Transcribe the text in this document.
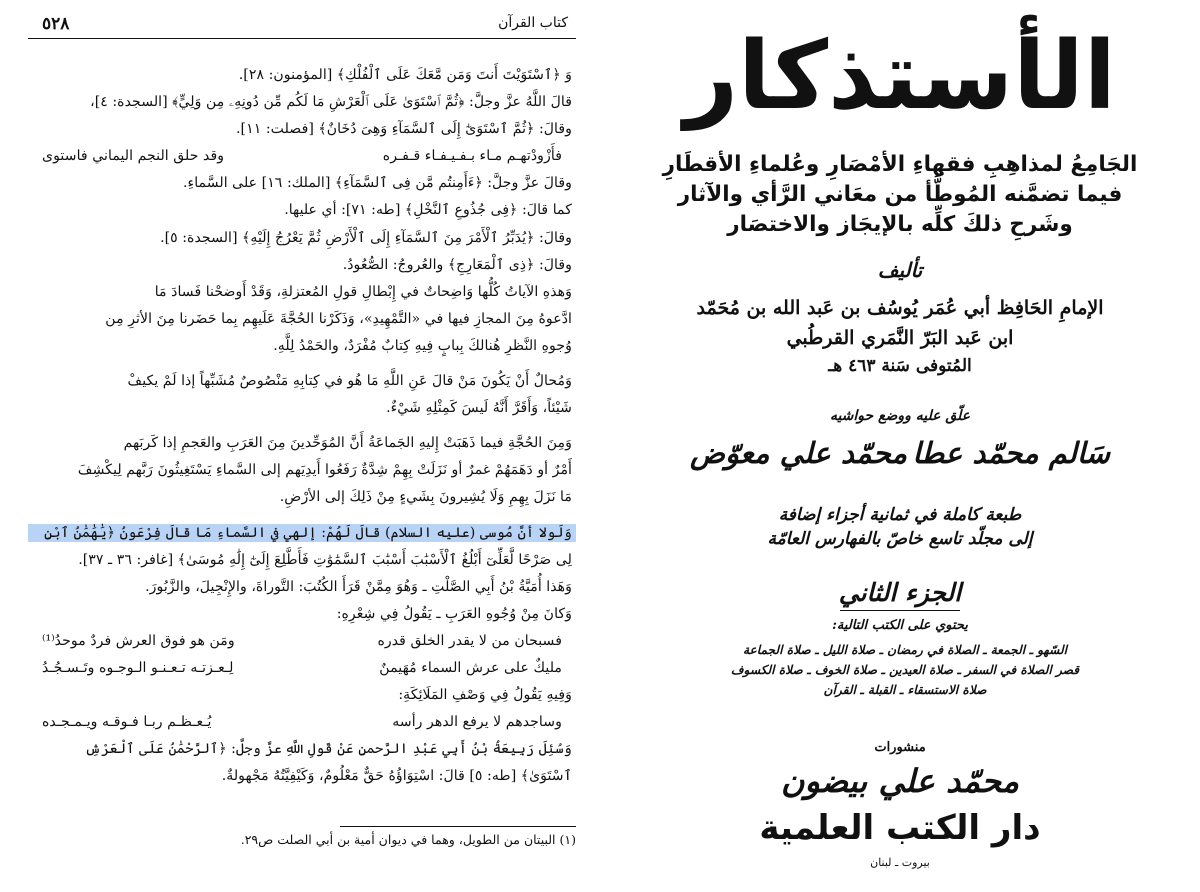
٥٢٨	كتاب القرآن

وَ ﴿ٱسْتَوَيْتَ أَنتَ وَمَن مَّعَكَ عَلَى ٱلْفُلْكِ﴾ [المؤمنون: ٢٨].

قالَ اللَّهُ عزَّ وجلَّ: ﴿ثُمَّ ٱسْتَوَىٰ عَلَى ٱلْعَرْشِ مَا لَكُم مِّن دُونِهِۦ مِن وَلِيٍّ﴾ [السجدة: ٤]،

وقالَ: ﴿ثُمَّ ٱسْتَوَىٰٓ إِلَى ٱلسَّمَآءِ وَهِىَ دُخَانٌ﴾ [فصلت: ١١].

فأَزْودْتهـم مـاء بـفـيـفـاء قـفـره
وقد حلق النجم اليماني فاستوى

وقالَ عزَّ وجلَّ: ﴿ءَأَمِنتُم مَّن فِى ٱلسَّمَآءِ﴾ [الملك: ١٦] على السَّماءِ.

كما قالَ: ﴿فِى جُذُوعِ ٱلنَّخْلِ﴾ [طه: ٧١]: أي عليها.

وقالَ: ﴿يُدَبِّرُ ٱلْأَمْرَ مِنَ ٱلسَّمَآءِ إِلَى ٱلْأَرْضِ ثُمَّ يَعْرُجُ إِلَيْهِ﴾ [السجدة: ٥].

وقالَ: ﴿ذِى ٱلْمَعَارِجِ﴾ والعُروجُ: الصُّعُودُ.

وَهذهِ الآياتُ كُلُّها وَاضِحاتٌ في إِبْطالِ قولِ المُعتزلةِ، وَقَدْ أَوضحْنا فَسادَ مَا

ادَّعوهُ مِنَ المجازِ فيها في «التَّمْهِيدِ»، وَذَكَرْنا الحُجَّةَ عَلَيهِم بِما حَضَرنا مِنَ الأثرِ مِن

وُجوهِ النَّظرِ هُنالكَ بِبابٍ فِيهِ كِتابٌ مُفْرَدٌ، والحَمْدُ لِلَّهِ.

وَمُحالٌ أَنْ يَكُونَ مَنْ قالَ عَنِ اللَّهِ مَا هُو في كِتابِهِ مَنْصُوصٌ مُشَبِّهاً إذا لَمْ يكيفْ

شَيْئاً، وَأَقَرَّ أَنَّهُ لَيسَ كَمِثْلِهِ شَيْءٌ.

وَمِنَ الحُجَّةِ فيما ذَهَبَتْ إِليهِ الجَماعَةُ أَنَّ المُوَحِّدينَ مِنَ العَرَبِ والعَجمِ إذا كَربَهم

أَمْرٌ أو دَهَمَهُمْ غمرٌ أو نَزَلَتْ بِهِمْ شِدَّةٌ رَفَعُوا أَيدِيَهم إلى السَّماءِ يَسْتَغِيثُونَ رَبَّهم لِيكْشِفَ

مَا نَزَلَ بِهِمِ وَلَا يُشِيرونَ بِشَيءٍ مِنْ ذَلِكَ إلى الأرْضِ.

وَلَولا أنَّ مُوسى (عليه السلام) قالَ لَهُمْ: إلهي في السَّماءِ مَا قالَ فِرْعَونُ ﴿يَٰهَٰمَٰنُ ٱبْنِ

لِى صَرْحًا لَّعَلِّىٓ أَبْلُغُ ٱلْأَسْبَٰبَ أَسْبَٰبَ ٱلسَّمَٰوَٰتِ فَأَطَّلِعَ إِلَىٰٓ إِلَٰهِ مُوسَىٰ﴾ [غافر: ٣٦ ـ ٣٧].

وَهَذا أُمَيَّةُ بْنُ أَبِي الصَّلْتِ ـ وَهُوَ مِمَّنْ قَرَأَ الكُتُبَ: التَّوراةَ، والإِنْجِيلَ، والزَّبُورَ.

وَكانَ مِنْ وُجُوهِ العَرَبِ ـ يَقُولُ فِي شِعْرِهِ:

فسبحان من لا يقدر الخلق قدره
ومَن هو فوق العرش فردٌ موحدُ⁽¹⁾
مليكٌ على عرش السماء مُهَيمنٌ
لِـعـزتـه تـعـنـو الـوجـوه وتَـسـجُـدُ

وَفِيهِ يَقُولُ فِي وَصْفِ المَلَائِكَةِ:

وساجدهم لا يرفع الدهر رأسه
يُـعـظـم ربـا فـوقـه ويـمـجـده

وَسُئِلَ رَبِيعَةُ بْنُ أَبِي عَبْدِ الرَّحمنِ عَنْ قَولِ اللَّهِ عزَّ وجلَّ: ﴿ٱلرَّحْمَٰنُ عَلَى ٱلْعَرْشِ

ٱسْتَوَىٰ﴾ [طه: ٥] قالَ: اسْتِوَاؤُهُ حَقٌّ مَعْلُومٌ، وَكَيْفِيَّتُهُ مَجْهولةٌ.

(١) البيتان من الطويل، وهما في ديوان أمية بن أبي الصلت ص٢٩.
الأستذكار
الجَامِعُ لمذاهِبِ فقهاءِ الأمْصَارِ وعُلماءِ الأقطَارِ
فيما تضمَّنه المُوطَّأ من معَاني الرَّأي والآثار
وشَرحِ ذلكَ كلِّه بالإيجَاز والاختصَار
تأليف
الإمامِ الحَافِظ أبي عُمَر يُوسُف بن عَبد الله بن مُحَمّد
ابن عَبد البَرّ النَّمَري القرطُبي
المُتوفى سَنة ٤٦٣ هـ
علّق عليه ووضع حواشيه
سَالم محمّد عطا
محمّد علي معوّض
طبعة كاملة في ثمانية أجزاء إضافة
إلى مجلّد تاسع خاصّ بالفهارس العامّة
الجزء الثاني
يحتوي على الكتب التالية:
السّهو ـ الجمعة ـ الصلاة في رمضان ـ صلاة الليل ـ صلاة الجماعة
قصر الصلاة في السفر ـ صلاة العيدين ـ صلاة الخوف ـ صلاة الكسوف
صلاة الاستسقاء ـ القبلة ـ القرآن
منشورات
محمّد علي بيضون
دار الكتب العلمية
بيروت ـ لبنان
